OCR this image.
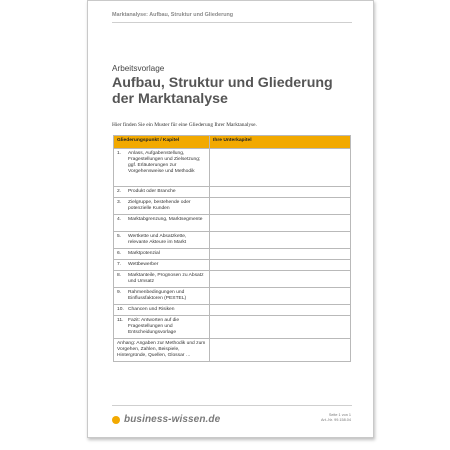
Marktanalyse: Aufbau, Struktur und Gliederung
Arbeitsvorlage
Aufbau, Struktur und Gliederung der Marktanalyse
Hier finden Sie ein Muster für eine Gliederung Ihrer Marktanalyse.
Gliederungspunkt / Kapitel	Ihre Unterkapitel

1. Anlass, Aufgabenstellung, Fragestellungen und Zielsetzung; ggf. Erläuterungen zur Vorgehensweise und Methodik	

2. Produkt oder Branche	

3. Zielgruppe, bestehende oder potenzielle Kunden	

4. Marktabgrenzung, Marktsegmente	

5. Wertkette und Absatzkette, relevante Akteure im Markt	

6. Marktpotenzial	

7. Wettbewerber	

8. Marktanteile, Prognosen zu Absatz und Umsatz	

9. Rahmenbedingungen und Einflussfaktoren (PESTEL)	

10. Chancen und Risiken	

11. Fazit: Antworten auf die Fragestellungen und Entscheidungsvorlage	

Anhang: Angaben zur Methodik und zum Vorgehen, Zahlen, Beispiele, Hintergründe, Quellen, Glossar …	

business-wissen.de	Seite 1 von 1
Art.-Nr. 99.158.04
